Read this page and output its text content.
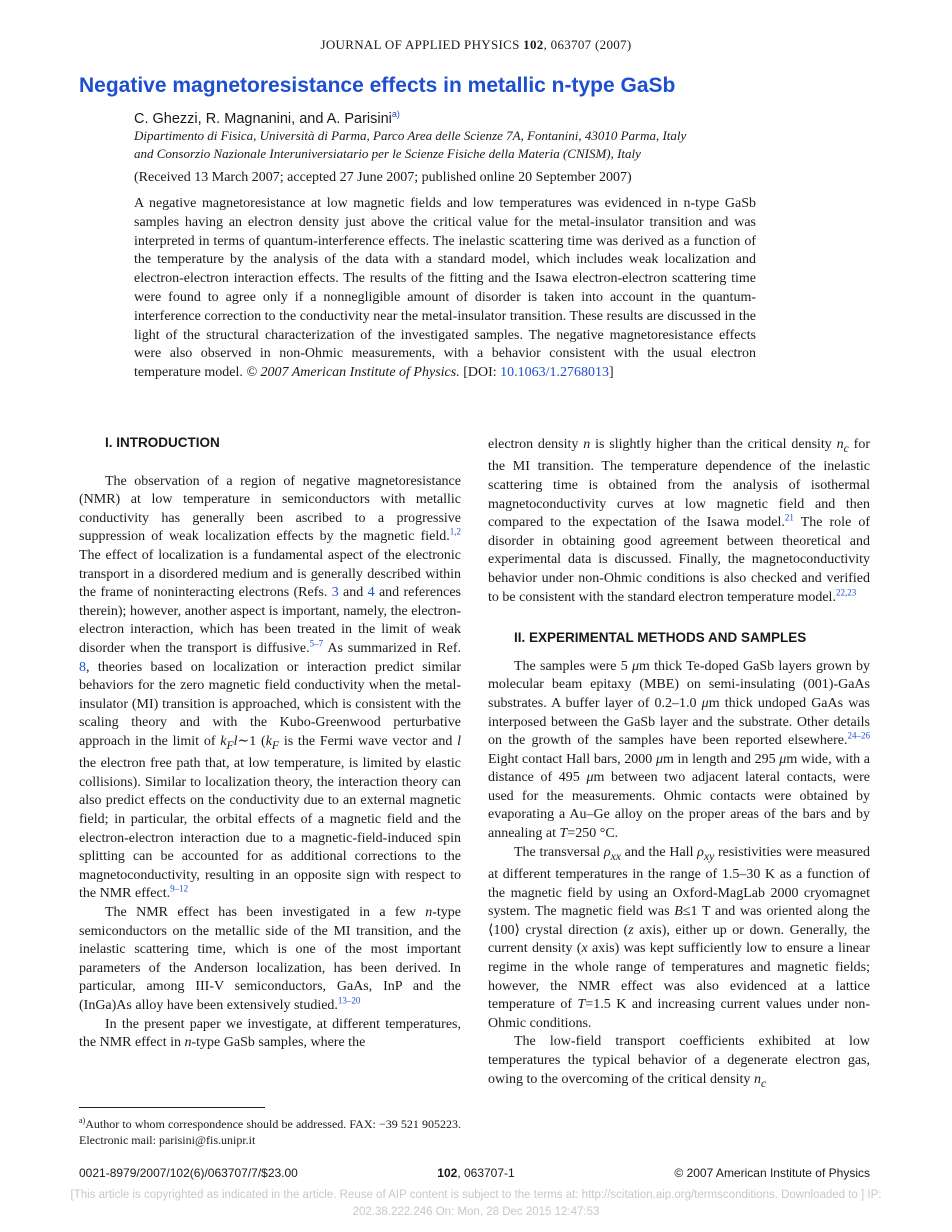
JOURNAL OF APPLIED PHYSICS 102, 063707 (2007)
Negative magnetoresistance effects in metallic n-type GaSb
C. Ghezzi, R. Magnanini, and A. Parisini$^{a)}$
Dipartimento di Fisica, Università di Parma, Parco Area delle Scienze 7A, Fontanini, 43010 Parma, Italy
and Consorzio Nazionale Interuniversiatario per le Scienze Fisiche della Materia (CNISM), Italy
(Received 13 March 2007; accepted 27 June 2007; published online 20 September 2007)
A negative magnetoresistance at low magnetic fields and low temperatures was evidenced in n-type GaSb samples having an electron density just above the critical value for the metal-insulator transition and was interpreted in terms of quantum-interference effects. The inelastic scattering time was derived as a function of the temperature by the analysis of the data with a standard model, which includes weak localization and electron-electron interaction effects. The results of the fitting and the Isawa electron-electron scattering time were found to agree only if a nonnegligible amount of disorder is taken into account in the quantum-interference correction to the conductivity near the metal-insulator transition. These results are discussed in the light of the structural characterization of the investigated samples. The negative magnetoresistance effects were also observed in non-Ohmic measurements, with a behavior consistent with the usual electron temperature model. © 2007 American Institute of Physics. [DOI: 10.1063/1.2768013]

I. INTRODUCTION

The observation of a region of negative magnetoresistance (NMR) at low temperature in semiconductors with metallic conductivity has generally been ascribed to a progressive suppression of weak localization effects by the magnetic field.$^{1,2}$ The effect of localization is a fundamental aspect of the electronic transport in a disordered medium and is generally described within the frame of noninteracting electrons (Refs. 3 and 4 and references therein); however, another aspect is important, namely, the electron-electron interaction, which has been treated in the limit of weak disorder when the transport is diffusive.$^{5-7}$ As summarized in Ref. 8, theories based on localization or interaction predict similar behaviors for the zero magnetic field conductivity when the metal-insulator (MI) transition is approached, which is consistent with the scaling theory and with the Kubo-Greenwood perturbative approach in the limit of $k_Fl\sim 1$ ($k_F$ is the Fermi wave vector and l the electron free path that, at low temperature, is limited by elastic collisions). Similar to localization theory, the interaction theory can also predict effects on the conductivity due to an external magnetic field; in particular, the orbital effects of a magnetic field and the electron-electron interaction due to a magnetic-field-induced spin splitting can be accounted for as additional corrections to the magnetoconductivity, resulting in an opposite sign with respect to the NMR effect.$^{9-12}$

The NMR effect has been investigated in a few n-type semiconductors on the metallic side of the MI transition, and the inelastic scattering time, which is one of the most important parameters of the Anderson localization, has been derived. In particular, among III-V semiconductors, GaAs, InP and the (InGa)As alloy have been extensively studied.$^{13-20}$

In the present paper we investigate, at different temperatures, the NMR effect in n-type GaSb samples, where the

electron density n is slightly higher than the critical density $n_c$ for the MI transition. The temperature dependence of the inelastic scattering time is obtained from the analysis of isothermal magnetoconductivity curves at low magnetic field and then compared to the expectation of the Isawa model.$^{21}$ The role of disorder in obtaining good agreement between theoretical and experimental data is discussed. Finally, the magnetoconductivity behavior under non-Ohmic conditions is also checked and verified to be consistent with the standard electron temperature model.$^{22,23}$

II. EXPERIMENTAL METHODS AND SAMPLES

The samples were 5 μm thick Te-doped GaSb layers grown by molecular beam epitaxy (MBE) on semi-insulating (001)-GaAs substrates. A buffer layer of 0.2–1.0 μm thick undoped GaAs was interposed between the GaSb layer and the substrate. Other details on the growth of the samples have been reported elsewhere.$^{24-26}$ Eight contact Hall bars, 2000 μm in length and 295 μm wide, with a distance of 495 μm between two adjacent lateral contacts, were used for the measurements. Ohmic contacts were obtained by evaporating a Au–Ge alloy on the proper areas of the bars and by annealing at T=250 °C.

The transversal $\rho_{xx}$ and the Hall $\rho_{xy}$ resistivities were measured at different temperatures in the range of 1.5–30 K as a function of the magnetic field by using an Oxford-MagLab 2000 cryomagnet system. The magnetic field was B≤1 T and was oriented along the ⟨100⟩ crystal direction (z axis), either up or down. Generally, the current density (x axis) was kept sufficiently low to ensure a linear regime in the whole range of temperatures and magnetic fields; however, the NMR effect was also evidenced at a lattice temperature of T=1.5 K and increasing current values under non-Ohmic conditions.

The low-field transport coefficients exhibited at low temperatures the typical behavior of a degenerate electron gas, owing to the overcoming of the critical density $n_c$

$^{a)}$Author to whom correspondence should be addressed. FAX: −39 521 905223. Electronic mail: parisini@fis.unipr.it
0021-8979/2007/102(6)/063707/7/$23.00	102, 063707-1	© 2007 American Institute of Physics
[This article is copyrighted as indicated in the article. Reuse of AIP content is subject to the terms at: http://scitation.aip.org/termsconditions. Downloaded to ] IP:
202.38.222.246 On: Mon, 28 Dec 2015 12:47:53
